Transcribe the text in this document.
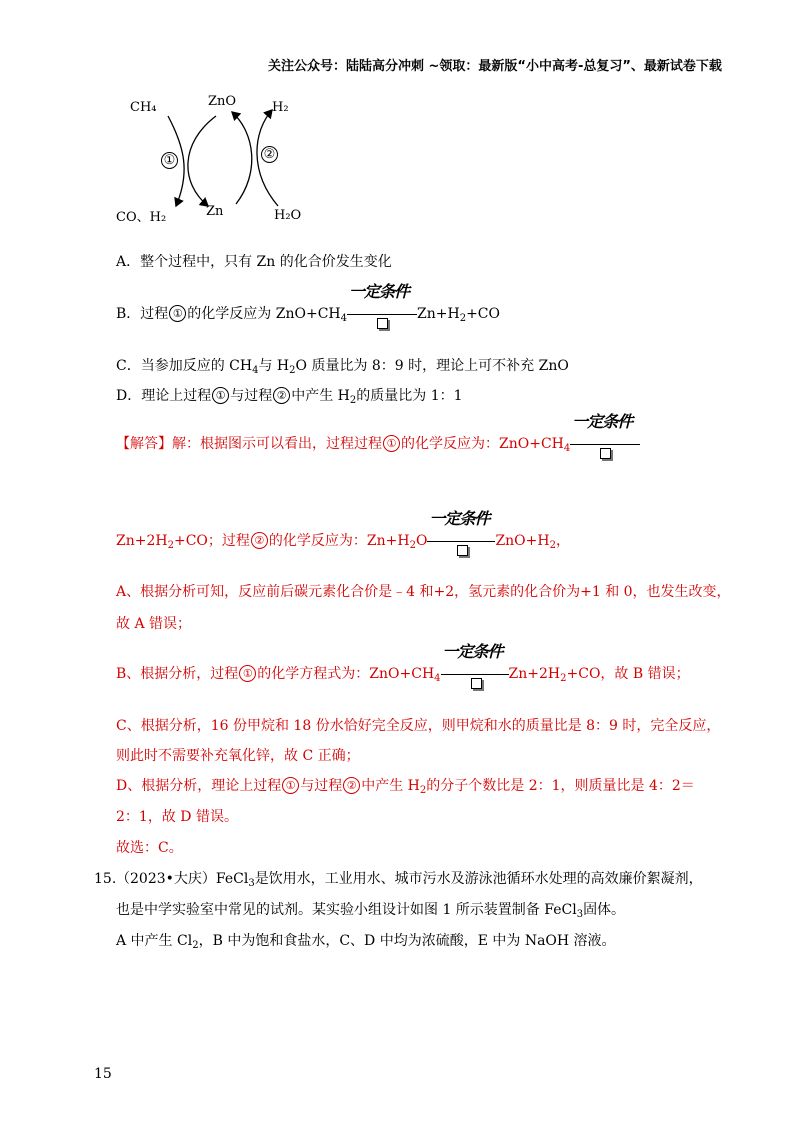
关注公众号：陆陆高分冲刺 ~领取：最新版“小中高考-总复习”、最新试卷下载
CH₄
CO、H₂
ZnO
Zn
H₂
H₂O
①	②
A．整个过程中，只有 Zn 的化合价发生变化
B．过程 ① 的化学反应为 $ZnO+CH_4$
一定条件
$Zn+H_2+CO$
C．当参加反应的 $CH_4$与 $H_2O$ 质量比为 8：9 时，理论上可不补充 ZnO
D．理论上过程 ① 与过程 ② 中产生 $H_2$的质量比为 1：1
【解答】解：根据图示可以看出，过程过程 ① 的化学反应为：$ZnO+CH_4$
一定条件
$Zn+2H_2+CO$；过程 ② 的化学反应为：$Zn+H_2O$
一定条件
$ZnO+H_2$，
A、根据分析可知，反应前后碳元素化合价是﹣4 和+2，氢元素的化合价为+1 和 0，也发生改变，
故 A 错误；
B、根据分析，过程 ① 的化学方程式为：$ZnO+CH_4$
一定条件
$Zn+2H_2+CO$，故 B 错误；
C、根据分析，16 份甲烷和 18 份水恰好完全反应，则甲烷和水的质量比是 8：9 时，完全反应，
则此时不需要补充氧化锌，故 C 正确；
D、根据分析，理论上过程 ① 与过程 ② 中产生 $H_2$的分子个数比是 2：1，则质量比是 4：2＝
2：1，故 D 错误。
故选：C。
15. （2023•大庆）FeCl$_3$是饮用水，工业用水、城市污水及游泳池循环水处理的高效廉价絮凝剂，
也是中学实验室中常见的试剂。某实验小组设计如图 1 所示装置制备 FeCl$_3$固体。
A 中产生 $Cl_2$，B 中为饱和食盐水，C、D 中均为浓硫酸，E 中为 NaOH 溶液。
15
